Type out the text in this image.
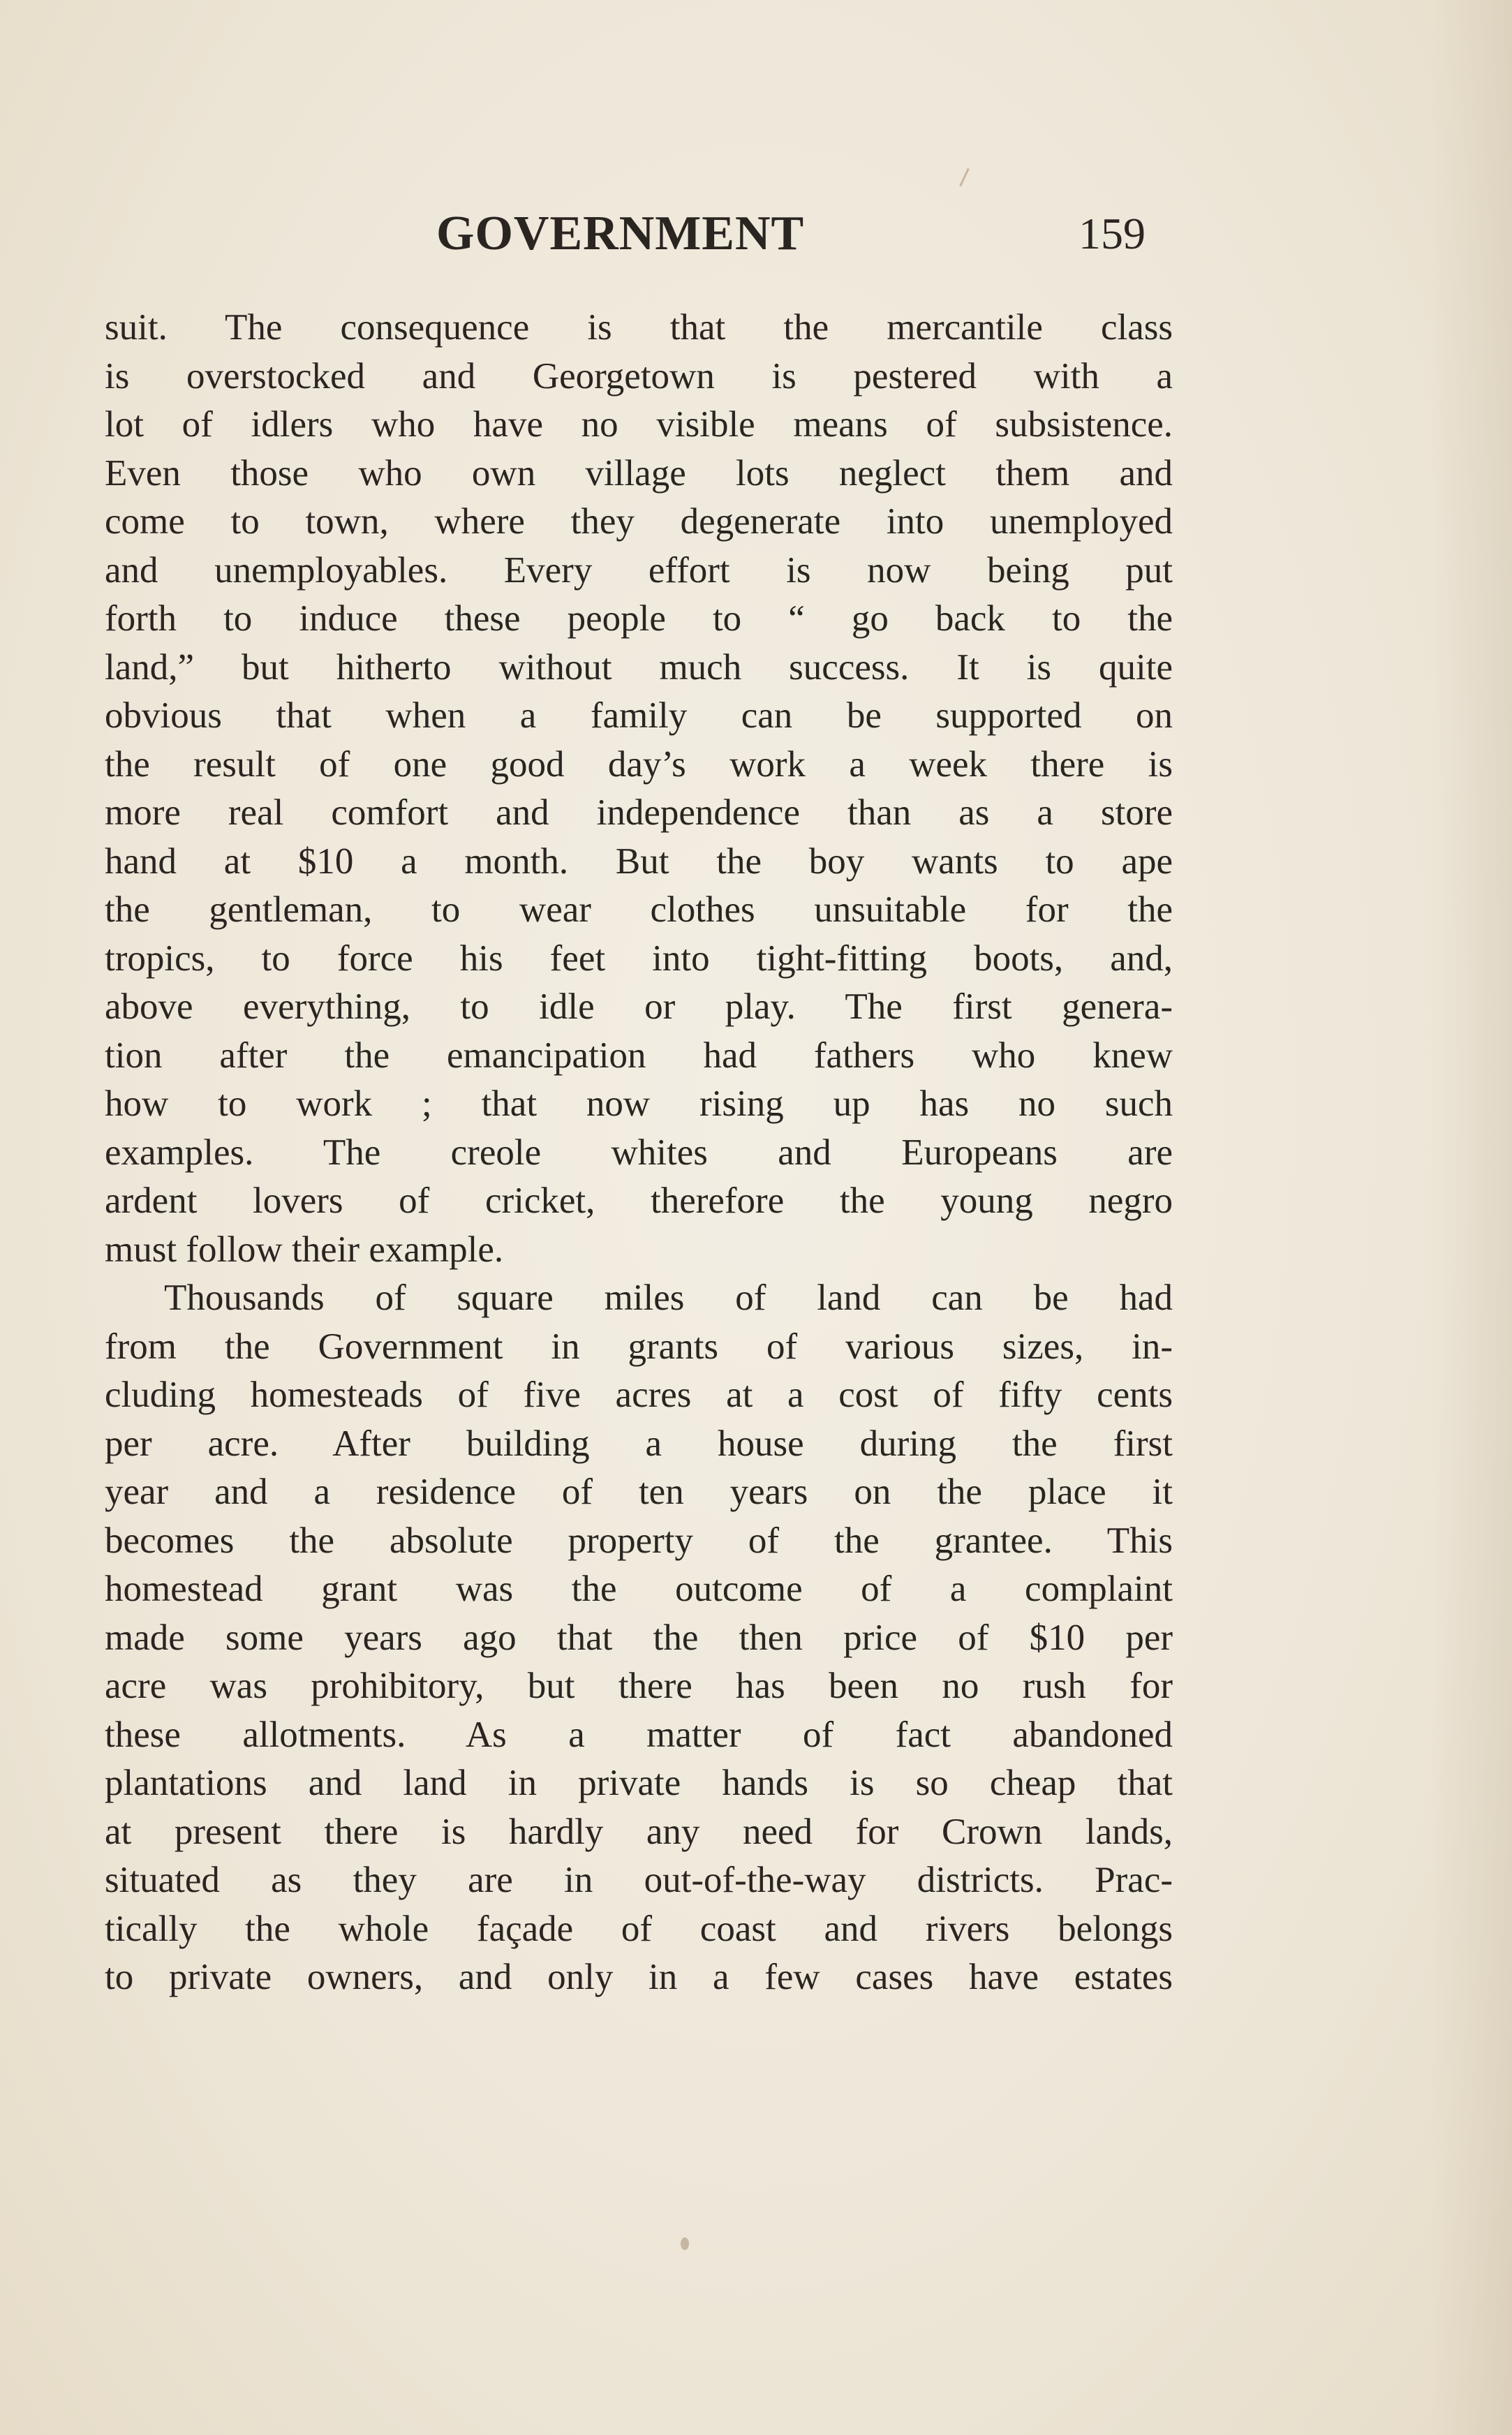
GOVERNMENT	159
suit. The consequence is that the mercantile class
is overstocked and Georgetown is pestered with a
lot of idlers who have no visible means of subsistence.
Even those who own village lots neglect them and
come to town, where they degenerate into unemployed
and unemployables. Every effort is now being put
forth to induce these people to “ go back to the
land,” but hitherto without much success. It is quite
obvious that when a family can be supported on
the result of one good day’s work a week there is
more real comfort and independence than as a store
hand at $10 a month. But the boy wants to ape
the gentleman, to wear clothes unsuitable for the
tropics, to force his feet into tight-fitting boots, and,
above everything, to idle or play. The first genera-
tion after the emancipation had fathers who knew
how to work ; that now rising up has no such
examples. The creole whites and Europeans are
ardent lovers of cricket, therefore the young negro
must follow their example.
Thousands of square miles of land can be had
from the Government in grants of various sizes, in-
cluding homesteads of five acres at a cost of fifty cents
per acre. After building a house during the first
year and a residence of ten years on the place it
becomes the absolute property of the grantee. This
homestead grant was the outcome of a complaint
made some years ago that the then price of $10 per
acre was prohibitory, but there has been no rush for
these allotments. As a matter of fact abandoned
plantations and land in private hands is so cheap that
at present there is hardly any need for Crown lands,
situated as they are in out-of-the-way districts. Prac-
tically the whole façade of coast and rivers belongs
to private owners, and only in a few cases have estates
